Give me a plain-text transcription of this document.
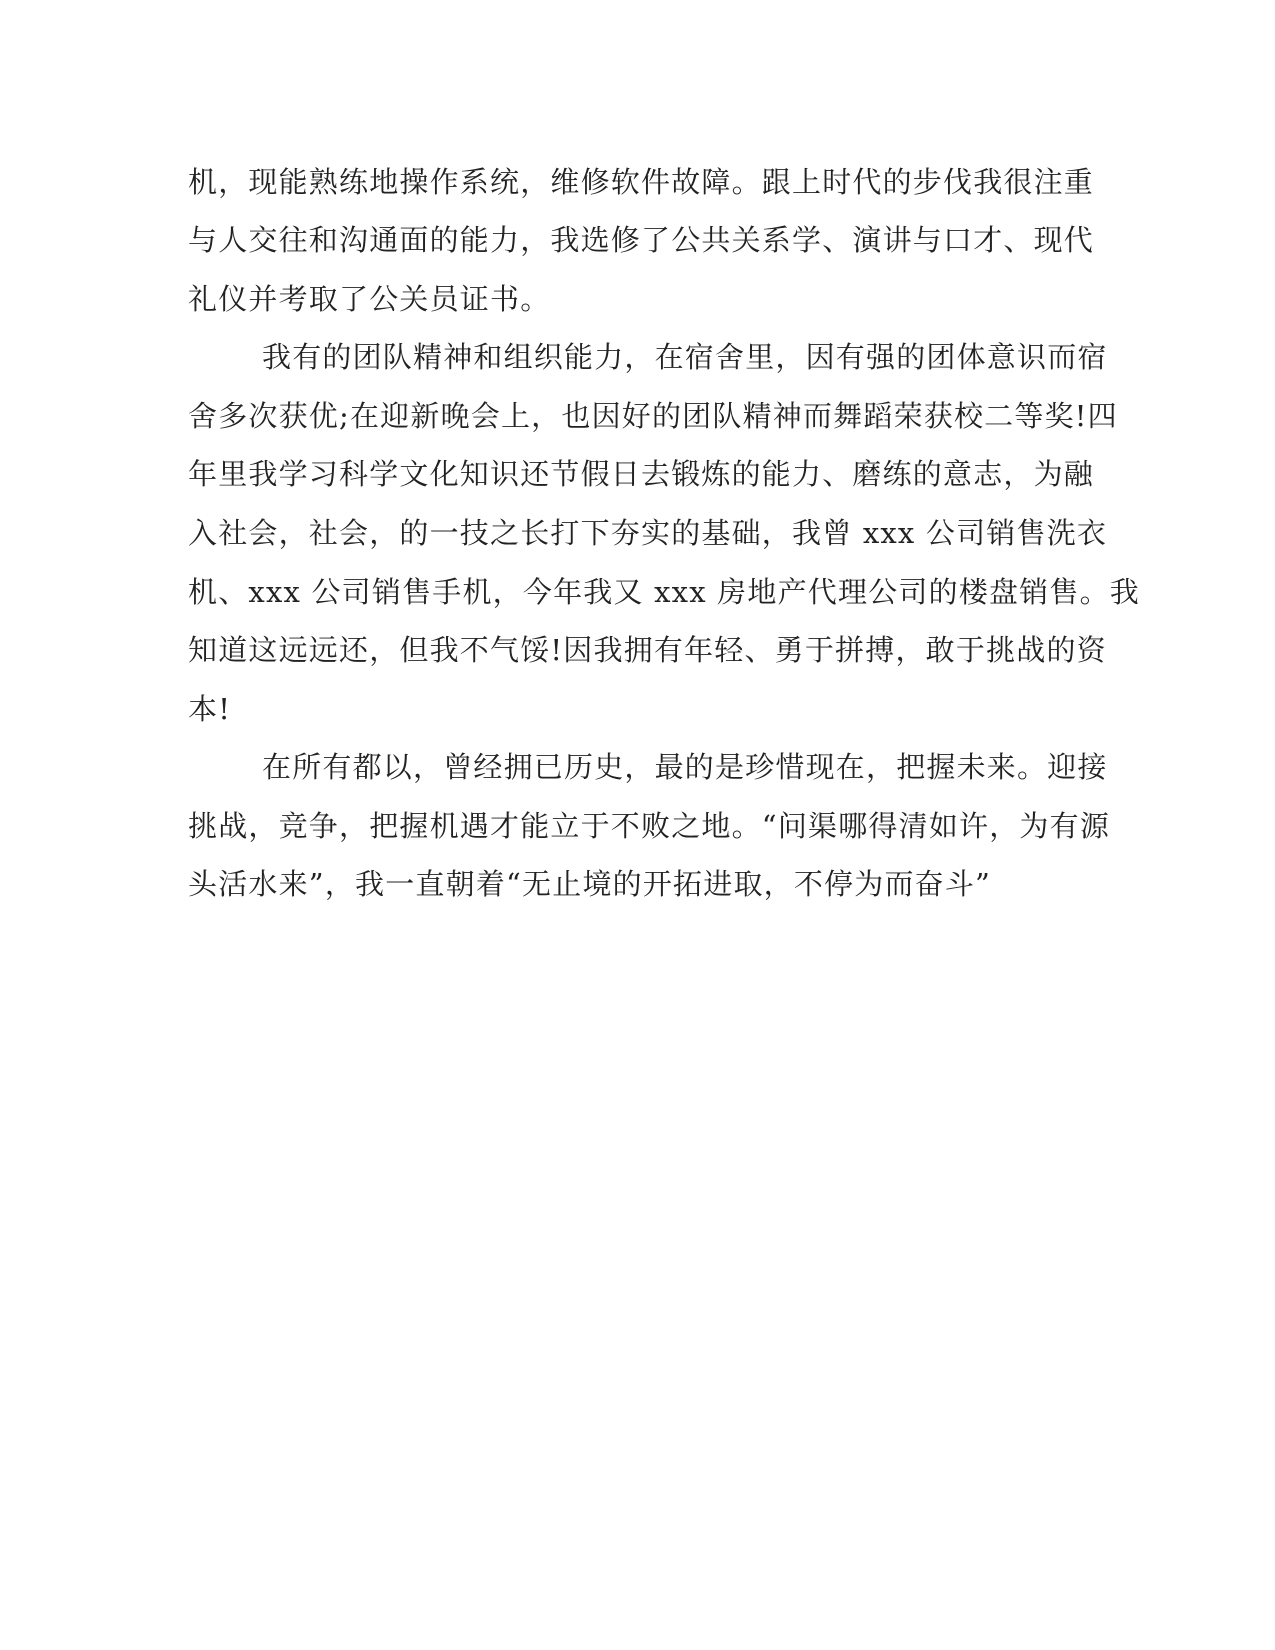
机，现能熟练地操作系统，维修软件故障。跟上时代的步伐我很注重
与人交往和沟通面的能力，我选修了公共关系学、演讲与口才、现代
礼仪并考取了公关员证书。
我有的团队精神和组织能力，在宿舍里，因有强的团体意识而宿
舍多次获优;在迎新晚会上，也因好的团队精神而舞蹈荣获校二等奖!四
年里我学习科学文化知识还节假日去锻炼的能力、磨练的意志，为融
入社会，社会，的一技之长打下夯实的基础，我曾 xxx 公司销售洗衣
机、xxx 公司销售手机，今年我又 xxx 房地产代理公司的楼盘销售。我
知道这远远还，但我不气馁!因我拥有年轻、勇于拼搏，敢于挑战的资
本!
在所有都以，曾经拥已历史，最的是珍惜现在，把握未来。迎接
挑战，竞争，把握机遇才能立于不败之地。“问渠哪得清如许，为有源
头活水来”，我一直朝着“无止境的开拓进取，不停为而奋斗”
